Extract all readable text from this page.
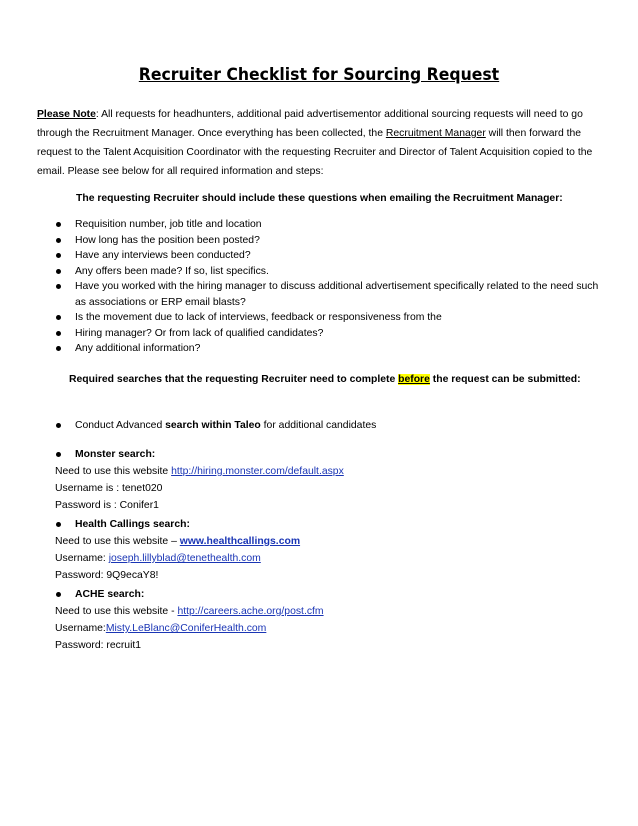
Recruiter Checklist for Sourcing Request
Please Note: All requests for headhunters, additional paid advertisementor additional sourcing requests will need to go through the Recruitment Manager. Once everything has been collected, the Recruitment Manager will then forward the request to the Talent Acquisition Coordinator with the requesting Recruiter and Director of Talent Acquisition copied to the email. Please see below for all required information and steps:
The requesting Recruiter should include these questions when emailing the Recruitment Manager:
Requisition number, job title and location
How long has the position been posted?
Have any interviews been conducted?
Any offers been made? If so, list specifics.
Have you worked with the hiring manager to discuss additional advertisement specifically related to the need such as associations or ERP email blasts?
Is the movement due to lack of interviews, feedback or responsiveness from the
Hiring manager? Or from lack of qualified candidates?
Any additional information?
Required searches that the requesting Recruiter need to complete before the request can be submitted:
Conduct Advanced search within Taleo for additional candidates
Monster search:
Need to use this website http://hiring.monster.com/default.aspx
Username is : tenet020
Password is : Conifer1
Health Callings search:
Need to use this website – www.healthcallings.com
Username: joseph.lillyblad@tenethealth.com
Password: 9Q9ecaY8!
ACHE search:
Need to use this website - http://careers.ache.org/post.cfm
Username:Misty.LeBlanc@ConiferHealth.com
Password: recruit1
